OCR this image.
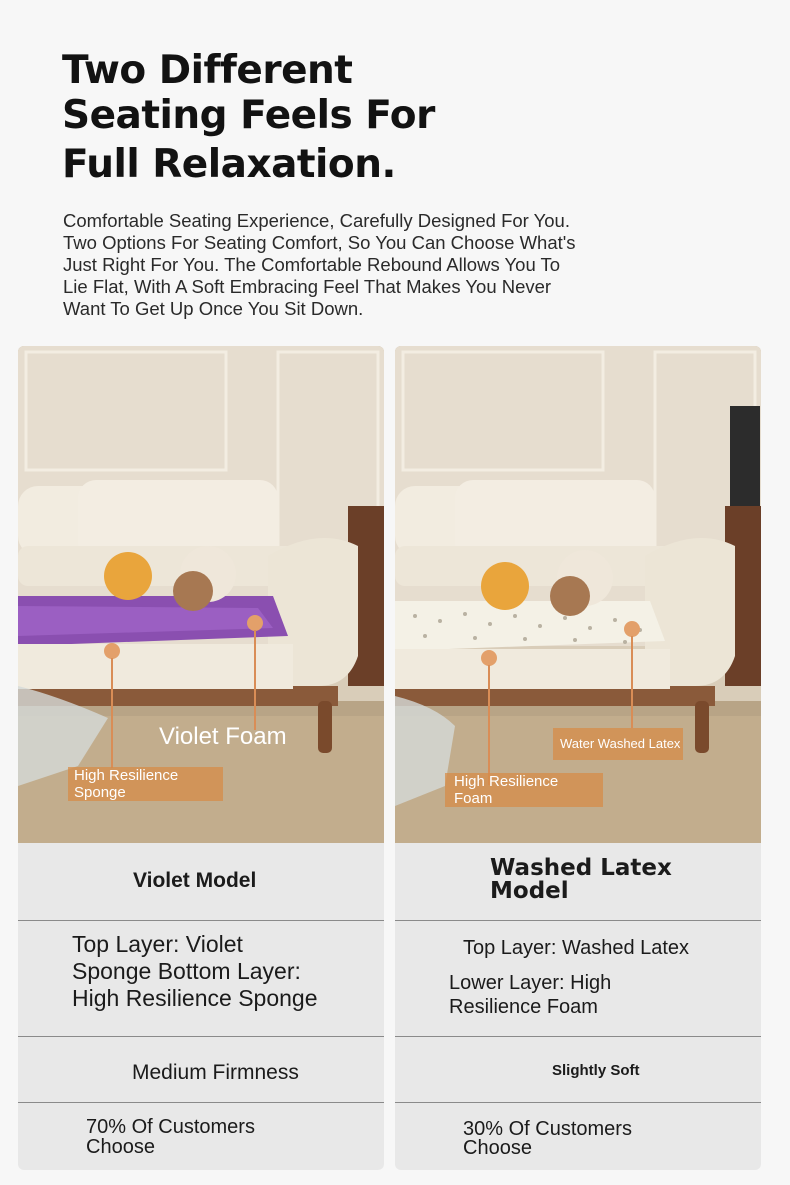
Two Different
Seating Feels For
Full Relaxation.
Comfortable Seating Experience, Carefully Designed For You.
Two Options For Seating Comfort, So You Can Choose What's
Just Right For You. The Comfortable Rebound Allows You To
Lie Flat, With A Soft Embracing Feel That Makes You Never
Want To Get Up Once You Sit Down.
Violet Foam
High Resilience Sponge
Violet Model
Top Layer: Violet
Sponge Bottom Layer:
High Resilience Sponge
Medium Firmness
70% Of Customers
Choose
Water Washed Latex
High Resilience Foam
Washed Latex
Model
Top Layer: Washed Latex
Lower Layer: High
Resilience Foam
Slightly Soft
30% Of Customers
Choose
